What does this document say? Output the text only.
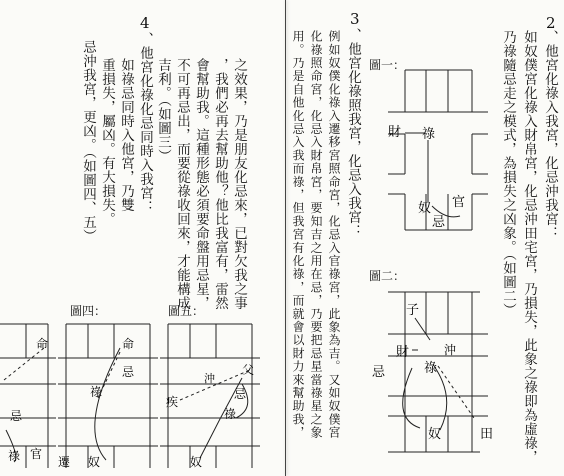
2
、他宮化祿入我宮，化忌沖我宮：
如奴僕宮化祿入財帛宮，化忌沖田宅宮，乃損失，此象之祿即為虛祿，
乃祿隨忌走之模式，為損失之凶象。（如圖二）
3
、他宮化祿照我宮，化忌入我宮：
例如奴僕化祿入遷移宮照命宮，化忌入官祿宮，此象為吉。又如奴僕宮
化祿照命宮，化忌入財帛宮，要知吉之用在忌，乃要把忌星當祿星之象
用。乃是自他化忌入我而祿，但我宮有化祿，而就會以財力來幫助我，	圖一：
財 祿
奴 官
忌
圖二：
子
沖
財
祿
忌
奴	田
之效果，乃是朋友化忌來，已對欠我之事
，我們必再去幫助他？他比我富有，雷然
會幫助我。這種形態必須要命盤用忌星，
不可再忌出，而要從祿收回來，才能構成
吉利。（如圖三）
4
、他宮化祿化忌同時入我宮：
如祿忌同時入他宮，乃雙
重損失，屬凶。有大損失。
忌沖我宮，更凶。（如圖四、五）
命
忌
官
祿
圖四：
命
忌
祿
遷 奴
圖五：
父
沖
忌
疾
祿
奴
